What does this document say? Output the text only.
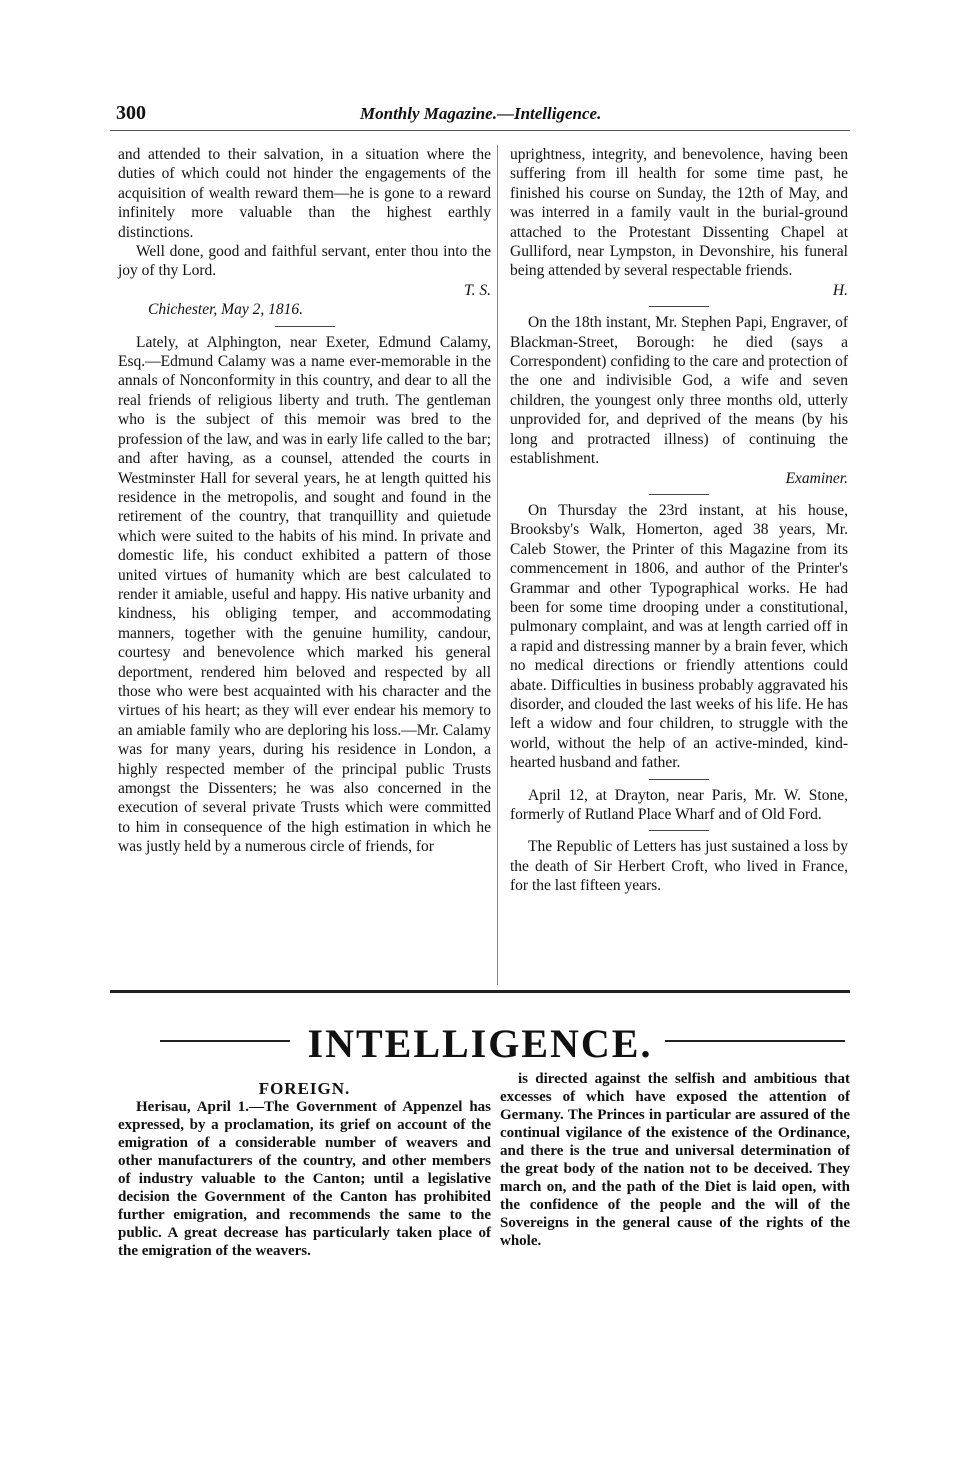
300	Monthly Magazine.—Intelligence.

and attended to their salvation, in a situation where the duties of which could not hinder the engagements of the acquisition of wealth reward them—he is gone to a reward infinitely more valuable than the highest earthly distinctions.

Well done, good and faithful servant, enter thou into the joy of thy Lord.

T. S.

Chichester, May 2, 1816.

Lately, at Alphington, near Exeter, Edmund Calamy, Esq.—Edmund Calamy was a name ever-memorable in the annals of Nonconformity in this country, and dear to all the real friends of religious liberty and truth. The gentleman who is the subject of this memoir was bred to the profession of the law, and was in early life called to the bar; and after having, as a counsel, attended the courts in Westminster Hall for several years, he at length quitted his residence in the metropolis, and sought and found in the retirement of the country, that tranquillity and quietude which were suited to the habits of his mind. In private and domestic life, his conduct exhibited a pattern of those united virtues of humanity which are best calculated to render it amiable, useful and happy. His native urbanity and kindness, his obliging temper, and accommodating manners, together with the genuine humility, candour, courtesy and benevolence which marked his general deportment, rendered him beloved and respected by all those who were best acquainted with his character and the virtues of his heart; as they will ever endear his memory to an amiable family who are deploring his loss.—Mr. Calamy was for many years, during his residence in London, a highly respected member of the principal public Trusts amongst the Dissenters; he was also concerned in the execution of several private Trusts which were committed to him in consequence of the high estimation in which he was justly held by a numerous circle of friends, for

uprightness, integrity, and benevolence, having been suffering from ill health for some time past, he finished his course on Sunday, the 12th of May, and was interred in a family vault in the burial-ground attached to the Protestant Dissenting Chapel at Gulliford, near Lympston, in Devonshire, his funeral being attended by several respectable friends.

H.

On the 18th instant, Mr. Stephen Papi, Engraver, of Blackman-Street, Borough: he died (says a Correspondent) confiding to the care and protection of the one and indivisible God, a wife and seven children, the youngest only three months old, utterly unprovided for, and deprived of the means (by his long and protracted illness) of continuing the establishment.

Examiner.

On Thursday the 23rd instant, at his house, Brooksby's Walk, Homerton, aged 38 years, Mr. Caleb Stower, the Printer of this Magazine from its commencement in 1806, and author of the Printer's Grammar and other Typographical works. He had been for some time drooping under a constitutional, pulmonary complaint, and was at length carried off in a rapid and distressing manner by a brain fever, which no medical directions or friendly attentions could abate. Difficulties in business probably aggravated his disorder, and clouded the last weeks of his life. He has left a widow and four children, to struggle with the world, without the help of an active-minded, kind-hearted husband and father.

April 12, at Drayton, near Paris, Mr. W. Stone, formerly of Rutland Place Wharf and of Old Ford.

The Republic of Letters has just sustained a loss by the death of Sir Herbert Croft, who lived in France, for the last fifteen years.

INTELLIGENCE.

FOREIGN.

Herisau, April 1.—The Government of Appenzel has expressed, by a proclamation, its grief on account of the emigration of a considerable number of weavers and other manufacturers of the country, and other members of industry valuable to the Canton; until a legislative decision the Government of the Canton has prohibited further emigration, and recommends the same to the public. A great decrease has particularly taken place of the emigration of the weavers.

is directed against the selfish and ambitious that excesses of which have exposed the attention of Germany. The Princes in particular are assured of the continual vigilance of the existence of the Ordinance, and there is the true and universal determination of the great body of the nation not to be deceived. They march on, and the path of the Diet is laid open, with the confidence of the people and the will of the Sovereigns in the general cause of the rights of the whole.
